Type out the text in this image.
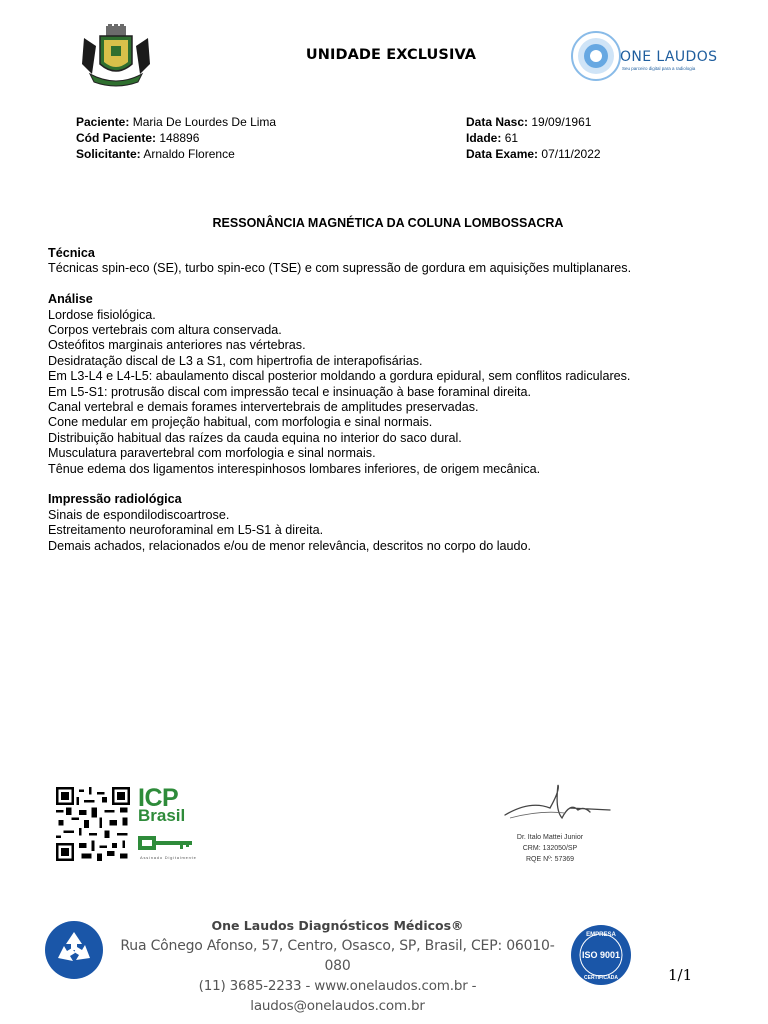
UNIDADE EXCLUSIVA	ONE LAUDOS
Seu parceiro digital para a radiologia
Paciente: Maria De Lourdes De Lima
Cód Paciente: 148896
Solicitante: Arnaldo Florence
Data Nasc: 19/09/1961
Idade: 61
Data Exame: 07/11/2022
RESSONÂNCIA MAGNÉTICA DA COLUNA LOMBOSSACRA
Técnica
Técnicas spin-eco (SE), turbo spin-eco (TSE) e com supressão de gordura em aquisições multiplanares.
Análise
Lordose fisiológica.
Corpos vertebrais com altura conservada.
Osteófitos marginais anteriores nas vértebras.
Desidratação discal de L3 a S1, com hipertrofia de interapofisárias.
Em L3-L4 e L4-L5: abaulamento discal posterior moldando a gordura epidural, sem conflitos radiculares.
Em L5-S1: protrusão discal com impressão tecal e insinuação à base foraminal direita.
Canal vertebral e demais forames intervertebrais de amplitudes preservadas.
Cone medular em projeção habitual, com morfologia e sinal normais.
Distribuição habitual das raízes da cauda equina no interior do saco dural.
Musculatura paravertebral com morfologia e sinal normais.
Tênue edema dos ligamentos interespinhosos lombares inferiores, de origem mecânica.
Impressão radiológica
Sinais de espondilodiscoartrose.
Estreitamento neuroforaminal em L5-S1 à direita.
Demais achados, relacionados e/ou de menor relevância, descritos no corpo do laudo.
ICP
Brasil
Assinado Digitalmente
Dr. Italo Mattei Junior
CRM: 132050/SP
RQE Nº: 57369
One Laudos Diagnósticos Médicos®
Rua Cônego Afonso, 57, Centro, Osasco, SP, Brasil, CEP: 06010-080
(11) 3685-2233 - www.onelaudos.com.br - laudos@onelaudos.com.br
EMPRESA
ISO 9001
CERTIFICADA	1/1
